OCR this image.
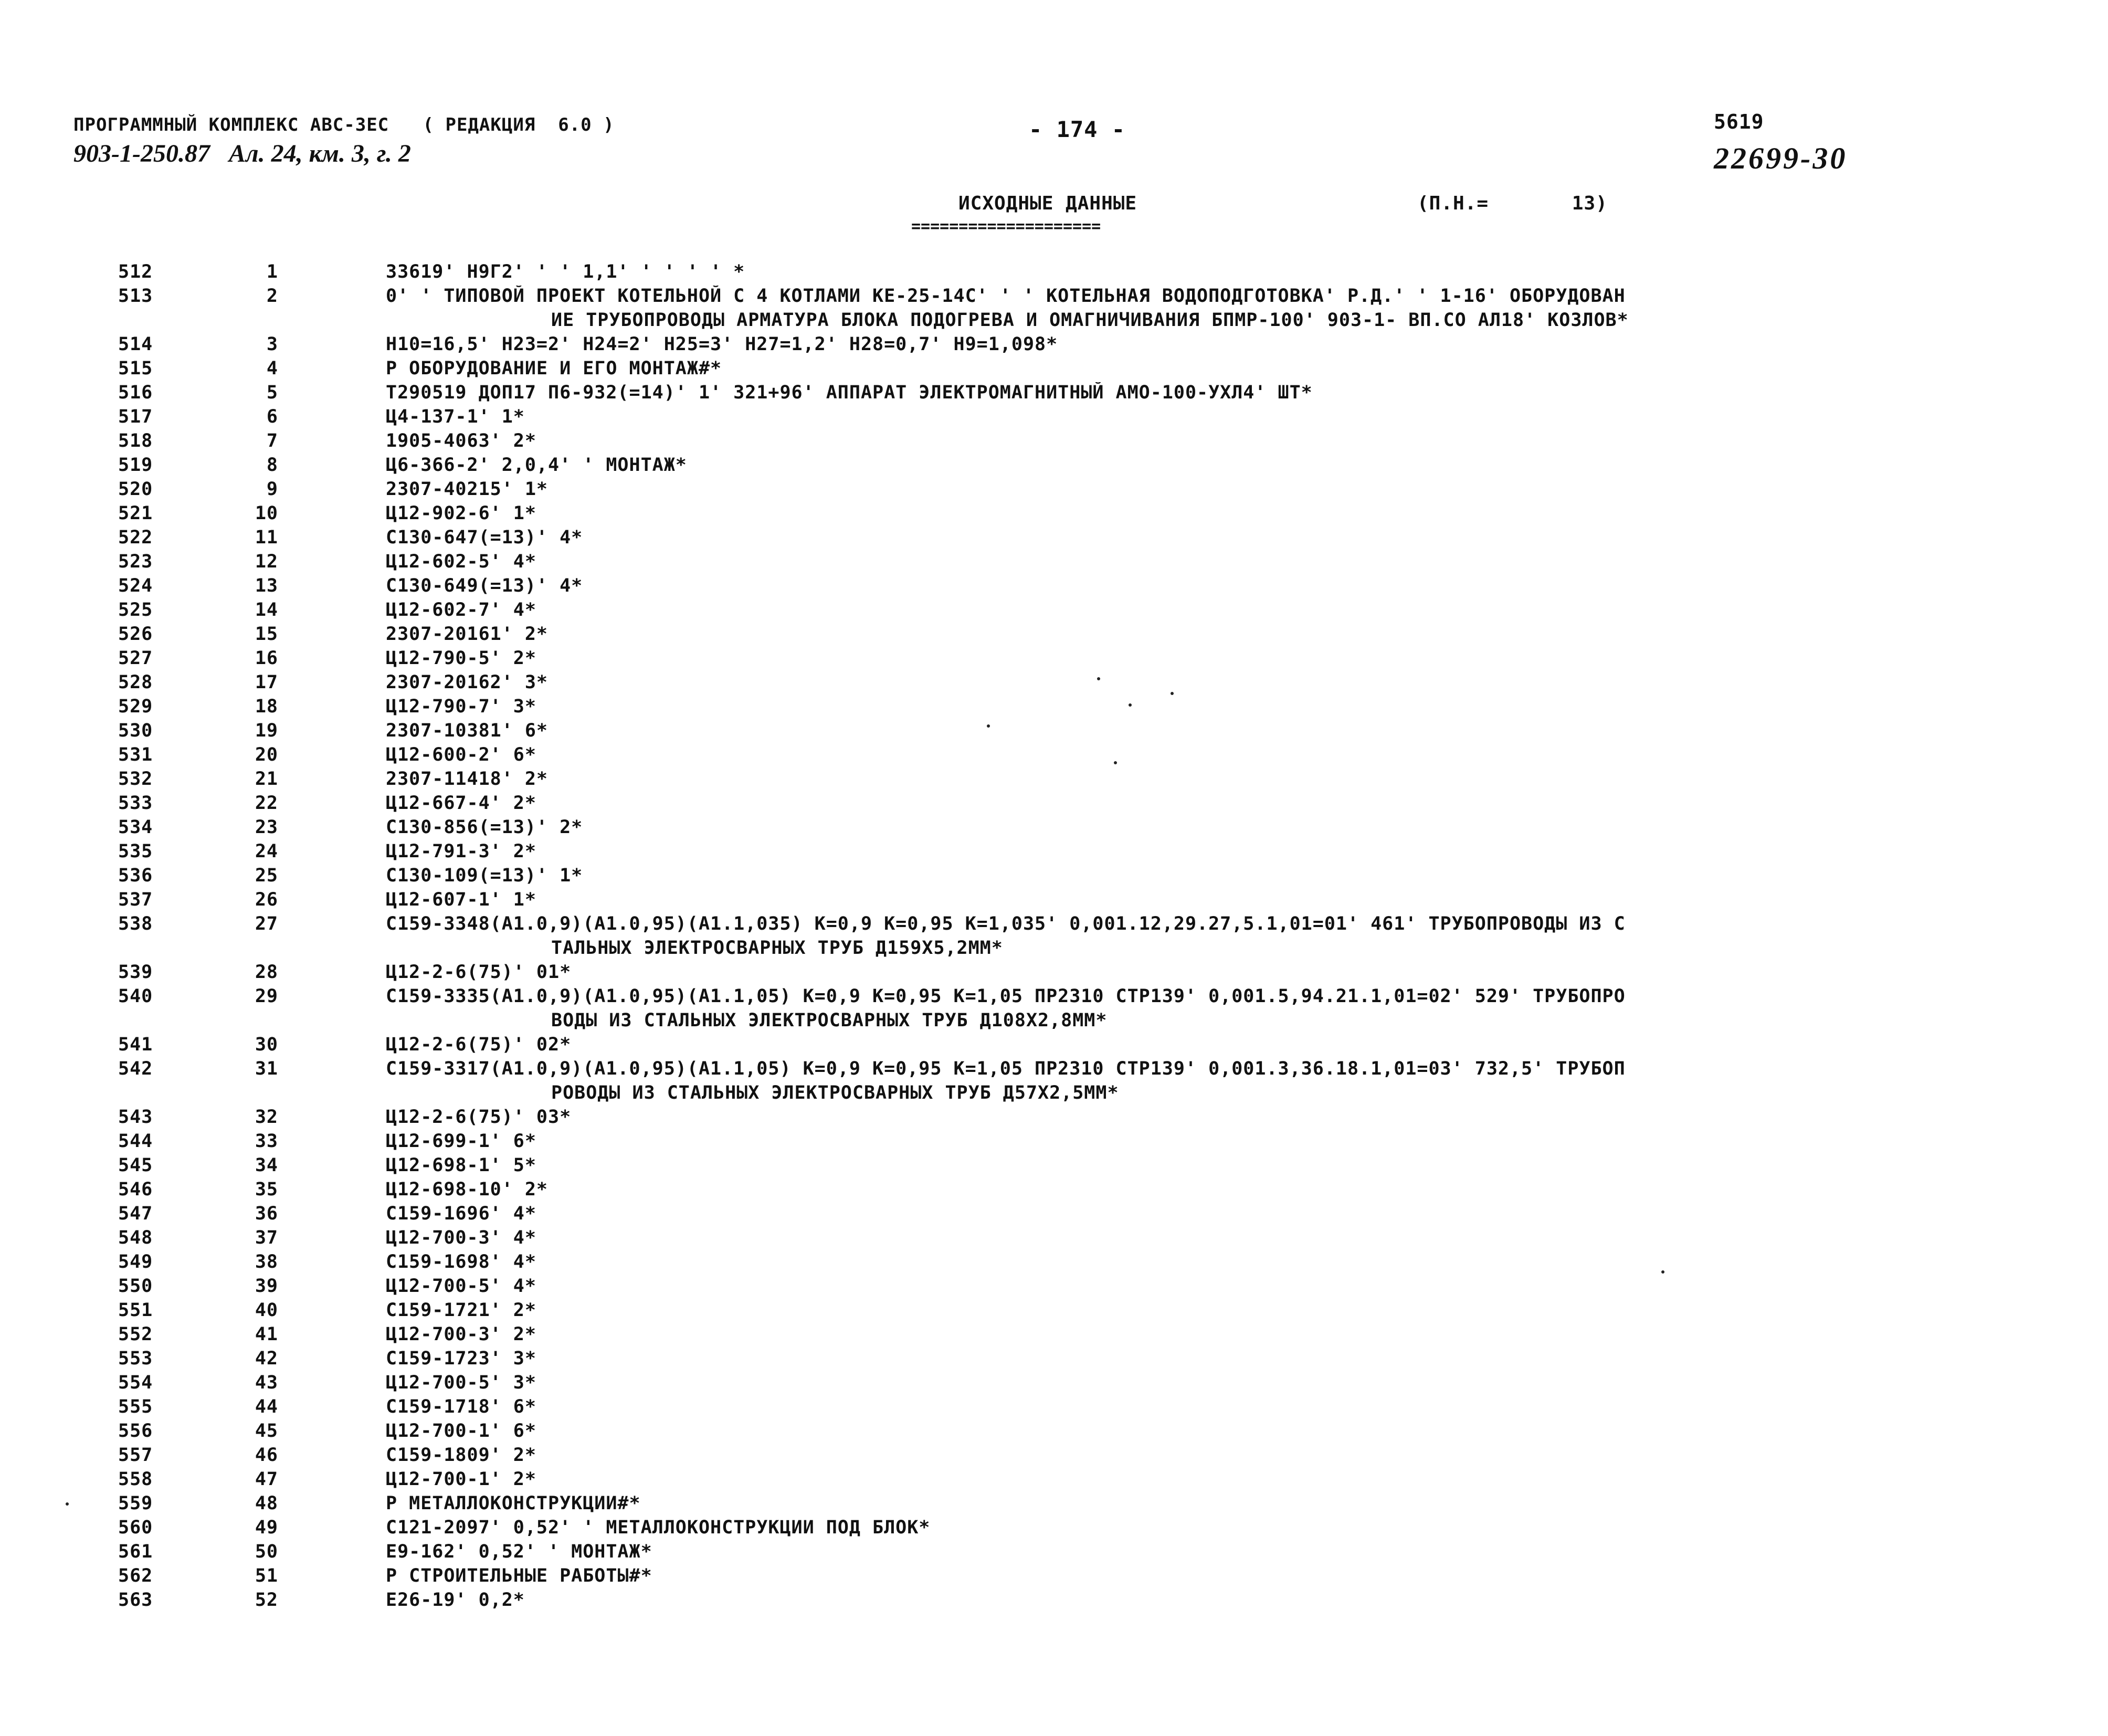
ПРОГРАММНЫЙ КОМПЛЕКС АВС-ЗЕС   ( РЕДАКЦИЯ  6.0 )	- 174 -	5619
903-1-250.87   Ал. 24, км. 3, г. 2	22699-30
ИСХОДНЫЕ ДАННЫЕ
====================
(П.Н.=       13)
512	1	З3619' Н9Г2' ' ' 1,1' ' ' ' ' *
513	2	0' ' ТИПОВОЙ ПРОЕКТ КОТЕЛЬНОЙ С 4 КОТЛАМИ КЕ-25-14С' ' ' КОТЕЛЬНАЯ ВОДОПОДГОТОВКА' Р.Д.' ' 1-16' ОБОРУДОВАН
ИЕ ТРУБОПРОВОДЫ АРМАТУРА БЛОКА ПОДОГРЕВА И ОМАГНИЧИВАНИЯ БПМР-100' 903-1- ВП.СО АЛ18' КОЗЛОВ*
514	3	Н10=16,5' Н23=2' Н24=2' Н25=3' Н27=1,2' Н28=0,7' Н9=1,098*
515	4	Р ОБОРУДОВАНИЕ И ЕГО МОНТАЖ#*
516	5	Т290519 ДОП17 П6-932(=14)' 1' 321+96' АППАРАТ ЭЛЕКТРОМАГНИТНЫЙ АМО-100-УХЛ4' ШТ*
517	6	Ц4-137-1' 1*
518	7	1905-4063' 2*
519	8	Ц6-366-2' 2,0,4' ' МОНТАЖ*
520	9	2307-40215' 1*
521	10	Ц12-902-6' 1*
522	11	С130-647(=13)' 4*
523	12	Ц12-602-5' 4*
524	13	С130-649(=13)' 4*
525	14	Ц12-602-7' 4*
526	15	2307-20161' 2*
527	16	Ц12-790-5' 2*
528	17	2307-20162' 3*
529	18	Ц12-790-7' 3*
530	19	2307-10381' 6*
531	20	Ц12-600-2' 6*
532	21	2307-11418' 2*
533	22	Ц12-667-4' 2*
534	23	С130-856(=13)' 2*
535	24	Ц12-791-3' 2*
536	25	С130-109(=13)' 1*
537	26	Ц12-607-1' 1*
538	27	С159-3348(А1.0,9)(А1.0,95)(А1.1,035) К=0,9 К=0,95 К=1,035' 0,001.12,29.27,5.1,01=01' 461' ТРУБОПРОВОДЫ ИЗ С
ТАЛЬНЫХ ЭЛЕКТРОСВАРНЫХ ТРУБ Д159Х5,2ММ*
539	28	Ц12-2-6(75)' 01*
540	29	С159-3335(А1.0,9)(А1.0,95)(А1.1,05) К=0,9 К=0,95 К=1,05 ПР2310 СТР139' 0,001.5,94.21.1,01=02' 529' ТРУБОПРО
ВОДЫ ИЗ СТАЛЬНЫХ ЭЛЕКТРОСВАРНЫХ ТРУБ Д108Х2,8ММ*
541	30	Ц12-2-6(75)' 02*
542	31	С159-3317(А1.0,9)(А1.0,95)(А1.1,05) К=0,9 К=0,95 К=1,05 ПР2310 СТР139' 0,001.3,36.18.1,01=03' 732,5' ТРУБОП
РОВОДЫ ИЗ СТАЛЬНЫХ ЭЛЕКТРОСВАРНЫХ ТРУБ Д57Х2,5ММ*
543	32	Ц12-2-6(75)' 03*
544	33	Ц12-699-1' 6*
545	34	Ц12-698-1' 5*
546	35	Ц12-698-10' 2*
547	36	С159-1696' 4*
548	37	Ц12-700-3' 4*
549	38	С159-1698' 4*
550	39	Ц12-700-5' 4*
551	40	С159-1721' 2*
552	41	Ц12-700-3' 2*
553	42	С159-1723' 3*
554	43	Ц12-700-5' 3*
555	44	С159-1718' 6*
556	45	Ц12-700-1' 6*
557	46	С159-1809' 2*
558	47	Ц12-700-1' 2*
559	48	Р МЕТАЛЛОКОНСТРУКЦИИ#*
560	49	С121-2097' 0,52' ' МЕТАЛЛОКОНСТРУКЦИИ ПОД БЛОК*
561	50	Е9-162' 0,52' ' МОНТАЖ*
562	51	Р СТРОИТЕЛЬНЫЕ РАБОТЫ#*
563	52	Е26-19' 0,2*
